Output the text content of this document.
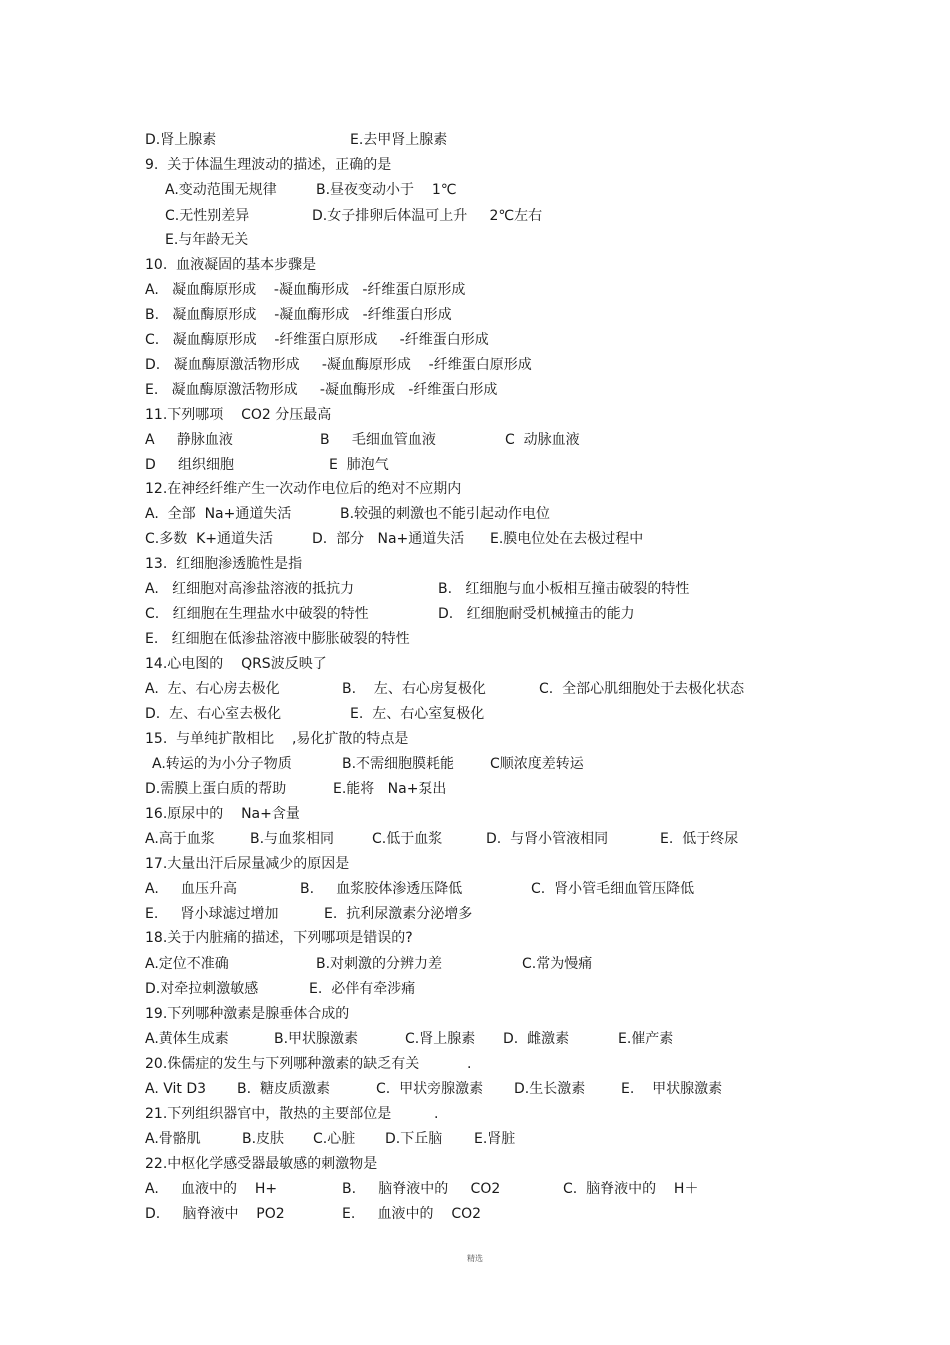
D.肾上腺素	E.去甲肾上腺素
9.  关于体温生理波动的描述，正确的是
A.变动范围无规律	B.昼夜变动小于    1℃
C.无性别差异	D.女子排卵后体温可上升     2℃左右
E.与年龄无关
10.  血液凝固的基本步骤是
A.   凝血酶原形成    -凝血酶形成   -纤维蛋白原形成
B.   凝血酶原形成    -凝血酶形成   -纤维蛋白形成
C.   凝血酶原形成    -纤维蛋白原形成     -纤维蛋白形成
D.   凝血酶原激活物形成     -凝血酶原形成    -纤维蛋白原形成
E.   凝血酶原激活物形成     -凝血酶形成   -纤维蛋白形成
11.下列哪项    CO2 分压最高
A     静脉血液	B     毛细血管血液	C  动脉血液
D     组织细胞	E  肺泡气
12.在神经纤维产生一次动作电位后的绝对不应期内
A.  全部  Na+通道失活	B.较强的刺激也不能引起动作电位
C.多数  K+通道失活	D.  部分   Na+通道失活 E.膜电位处在去极过程中
13.  红细胞渗透脆性是指
A.   红细胞对高渗盐溶液的抵抗力	B.   红细胞与血小板相互撞击破裂的特性
C.   红细胞在生理盐水中破裂的特性	D.   红细胞耐受机械撞击的能力
E.   红细胞在低渗盐溶液中膨胀破裂的特性
14.心电图的    QRS波反映了
A.  左、右心房去极化	B.    左、右心房复极化	C.  全部心肌细胞处于去极化状态
D.  左、右心室去极化	E.  左、右心室复极化
15.  与单纯扩散相比    ,易化扩散的特点是
A.转运的为小分子物质	B.不需细胞膜耗能	C顺浓度差转运
D.需膜上蛋白质的帮助	E.能将   Na+泵出
16.原尿中的    Na+含量
A.高于血浆	B.与血浆相同	C.低于血浆	D.  与肾小管液相同	E.  低于终尿
17.大量出汗后尿量减少的原因是
A.     血压升高	B.     血浆胶体渗透压降低	C.  肾小管毛细血管压降低
E.     肾小球滤过增加	E.  抗利尿激素分泌增多
18.关于内脏痛的描述，下列哪项是错误的?
A.定位不准确	B.对刺激的分辨力差	C.常为慢痛
D.对牵拉刺激敏感	E.  必伴有牵涉痛
19.下列哪种激素是腺垂体合成的
A.黄体生成素	B.甲状腺激素	C.肾上腺素 D.  雌激素	E.催产素
20.侏儒症的发生与下列哪种激素的缺乏有关	.
A. Vit D3 B.  糖皮质激素	C.  甲状旁腺激素 D.生长激素	E.    甲状腺激素
21.下列组织器官中，散热的主要部位是	.
A.骨骼肌	B.皮肤 C.心脏 D.下丘脑 E.肾脏
22.中枢化学感受器最敏感的刺激物是
A.     血液中的    H+	B.     脑脊液中的     CO2	C.  脑脊液中的    H＋
D.     脑脊液中    PO2	E.     血液中的    CO2
精选
